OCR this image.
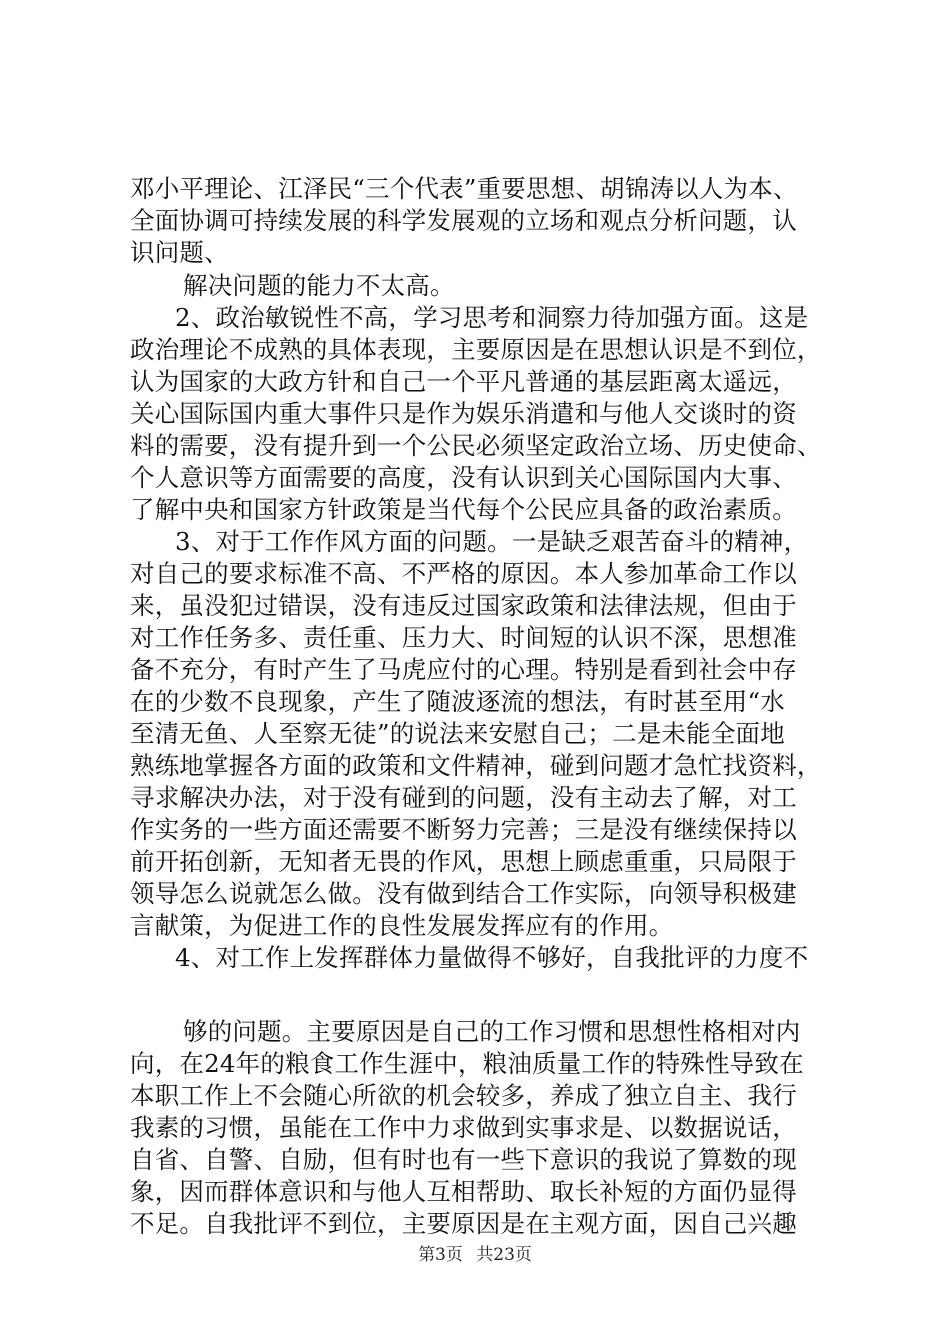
邓小平理论、江泽民“三个代表”重要思想、胡锦涛以人为本、
全面协调可持续发展的科学发展观的立场和观点分析问题，认
识问题、
解决问题的能力不太高。
2、政治敏锐性不高，学习思考和洞察力待加强方面。这是
政治理论不成熟的具体表现，主要原因是在思想认识是不到位，
认为国家的大政方针和自己一个平凡普通的基层距离太遥远，
关心国际国内重大事件只是作为娱乐消遣和与他人交谈时的资
料的需要，没有提升到一个公民必须坚定政治立场、历史使命、
个人意识等方面需要的高度，没有认识到关心国际国内大事、
了解中央和国家方针政策是当代每个公民应具备的政治素质。
3、对于工作作风方面的问题。一是缺乏艰苦奋斗的精神，
对自己的要求标准不高、不严格的原因。本人参加革命工作以
来，虽没犯过错误，没有违反过国家政策和法律法规，但由于
对工作任务多、责任重、压力大、时间短的认识不深，思想准
备不充分，有时产生了马虎应付的心理。特别是看到社会中存
在的少数不良现象，产生了随波逐流的想法，有时甚至用“水
至清无鱼、人至察无徒”的说法来安慰自己；二是未能全面地
熟练地掌握各方面的政策和文件精神，碰到问题才急忙找资料，
寻求解决办法，对于没有碰到的问题，没有主动去了解，对工
作实务的一些方面还需要不断努力完善；三是没有继续保持以
前开拓创新，无知者无畏的作风，思想上顾虑重重，只局限于
领导怎么说就怎么做。没有做到结合工作实际，向领导积极建
言献策，为促进工作的良性发展发挥应有的作用。
4、对工作上发挥群体力量做得不够好，自我批评的力度不
够的问题。主要原因是自己的工作习惯和思想性格相对内
向，在24年的粮食工作生涯中，粮油质量工作的特殊性导致在
本职工作上不会随心所欲的机会较多，养成了独立自主、我行
我素的习惯，虽能在工作中力求做到实事求是、以数据说话，
自省、自警、自励，但有时也有一些下意识的我说了算数的现
象，因而群体意识和与他人互相帮助、取长补短的方面仍显得
不足。自我批评不到位，主要原因是在主观方面，因自己兴趣
第3页 共23页
